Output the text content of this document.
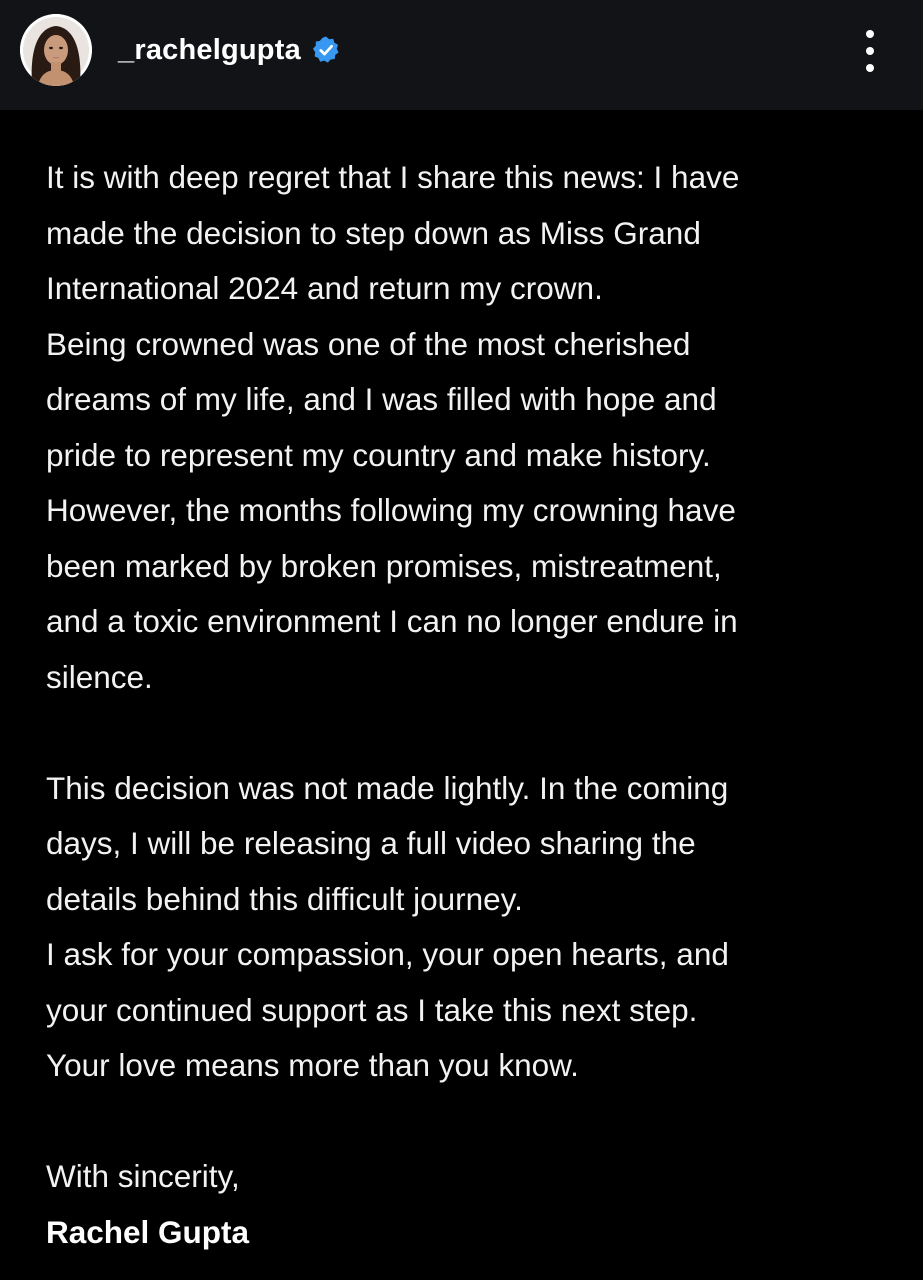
_rachelgupta

It is with deep regret that I share this news: I have

made the decision to step down as Miss Grand

International 2024 and return my crown.

Being crowned was one of the most cherished

dreams of my life, and I was filled with hope and

pride to represent my country and make history.

However, the months following my crowning have

been marked by broken promises, mistreatment,

and a toxic environment I can no longer endure in

silence.

This decision was not made lightly. In the coming

days, I will be releasing a full video sharing the

details behind this difficult journey.

I ask for your compassion, your open hearts, and

your continued support as I take this next step.

Your love means more than you know.

With sincerity,

Rachel Gupta
